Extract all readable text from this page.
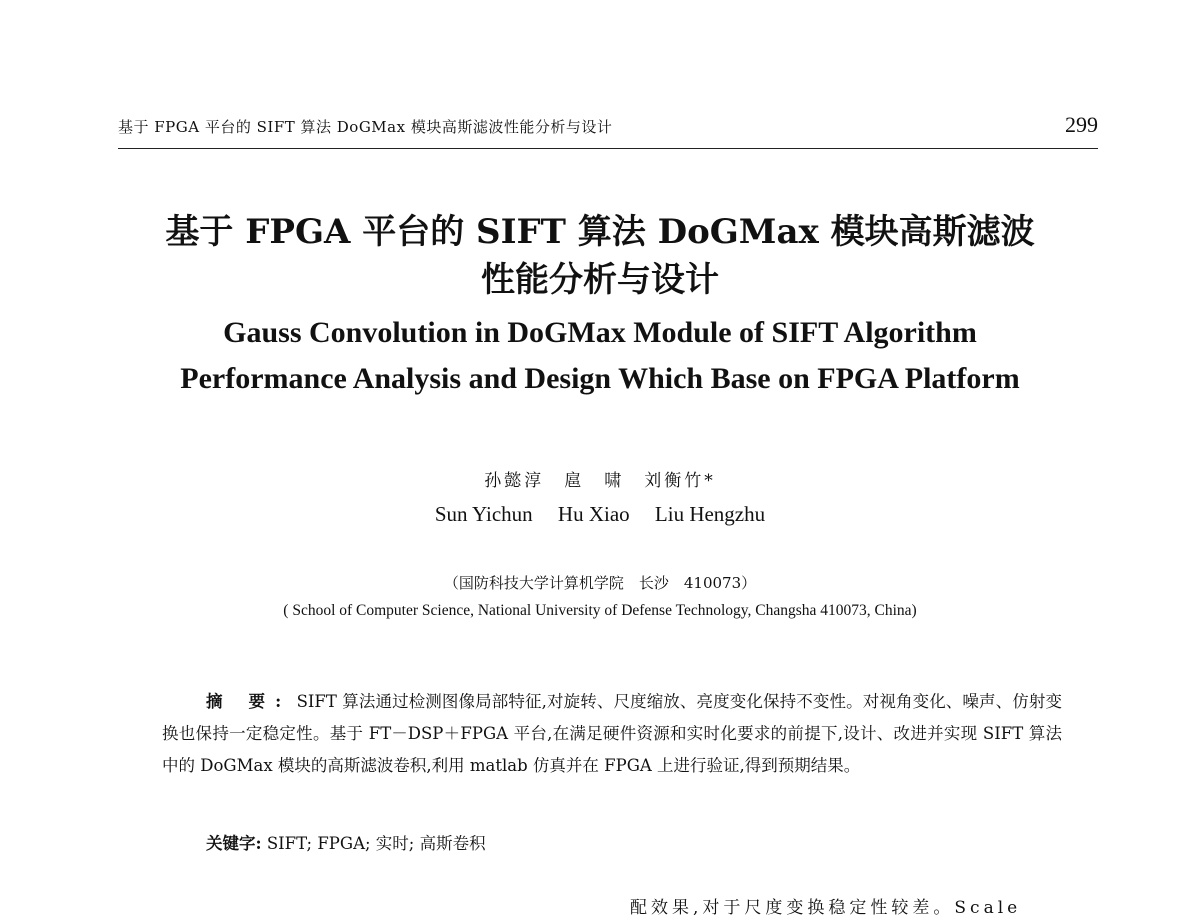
基于 FPGA 平台的 SIFT 算法 DoGMax 模块高斯滤波性能分析与设计	299
基于 FPGA 平台的 SIFT 算法 DoGMax 模块高斯滤波
性能分析与设计
Gauss Convolution in DoGMax Module of SIFT Algorithm
Performance Analysis and Design Which Base on FPGA Platform
孙懿淳　扈　啸　刘衡竹*
Sun Yichun Hu Xiao Liu Hengzhu
（国防科技大学计算机学院　长沙　410073）
( School of Computer Science, National University of Defense Technology, Changsha 410073, China)

摘 要: SIFT 算法通过检测图像局部特征,对旋转、尺度缩放、亮度变化保持不变性。对视角变化、噪声、仿射变换也保持一定稳定性。基于 FT－DSP＋FPGA 平台,在满足硬件资源和实时化要求的前提下,设计、改进并实现 SIFT 算法中的 DoGMax 模块的高斯滤波卷积,利用 matlab 仿真并在 FPGA 上进行验证,得到预期结果。

关键字: SIFT; FPGA; 实时; 高斯卷积
配效果,对于尺度变换稳定性较差。Scale
